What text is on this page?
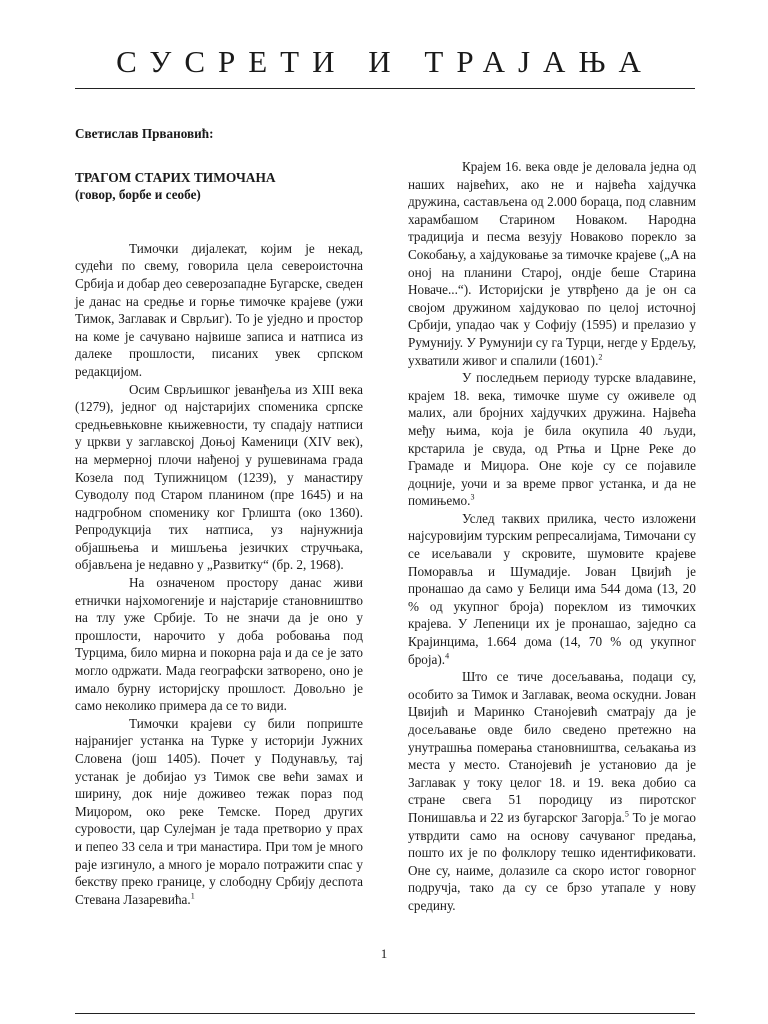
СУСРЕТИ И ТРАЈАЊА

Светислав Првановић:

ТРАГОМ СТАРИХ ТИМОЧАНА

(говор, борбе и сеобе)

Тимочки дијалекат, којим је некад, судећи по свему, говорила цела североисточна Србија и добар део северозападне Бугарске, сведен је данас на средње и горње тимочке крајеве (ужи Тимок, Заглавак и Сврљиг). То је уједно и простор на коме је сачувано највише записа и натписа из далеке прошлости, писаних увек српском редакцијом.

Осим Сврљишког јеванђеља из XIII века (1279), једног од најстаријих споменика српске средњевњковне књижевности, ту спадају натписи у цркви у заглавској Доњој Каменици (XIV век), на мермерној плочи нађеној у рушевинама града Козела под Тупижницом (1239), у манастиру Суводолу под Старом планином (пре 1645) и на надгробном споменику ког Грлишта (око 1360). Репродукција тих натписа, уз најнужнија објашњења и мишљења језичких стручњака, објављена је недавно у „Развитку“ (бр. 2, 1968).

На означеном простору данас живи етнички најхомогеније и најстарије становништво на тлу уже Србије. То не значи да је оно у прошлости, нарочито у доба робовања под Турцима, било мирна и покорна раја и да се је зато могло одржати. Мада географски затворено, оно је имало бурну историјску прошлост. Довољно је само неколико примера да се то види.

Тимочки крајеви су били поприште најранијег устанка на Турке у историји Јужних Словена (још 1405). Почет у Подунављу, тај устанак је добијао уз Тимок све већи замах и ширину, док није доживео тежак пораз под Миџором, око реке Темске. Поред других суровости, цар Сулејман је тада претворио у прах и пепео 33 села и три манастира. При том је много раје изгинуло, а много је морало потражити спас у бекству преко границе, у слободну Србију деспота Стевана Лазаревића.$^1$

Крајем 16. века овде је деловала једна од наших највећих, ако не и највећа хајдучка дружина, састављена од 2.000 бораца, под славним харамбашом Старином Новаком. Народна традиција и песма везују Новаково порекло за Сокобању, а хајдуковање за тимочке крајеве („А на оној на планини Старој, ондје беше Старина Новаче...“). Историјски је утврђено да је он са својом дружином хајдуковао по целој источној Србији, упадао чак у Софију (1595) и прелазио у Румунију. У Румунији су га Турци, негде у Ердељу, ухватили живог и спалили (1601).$^2$

У последњем периоду турске владавине, крајем 18. века, тимочке шуме су оживеле од малих, али бројних хајдучких дружина. Највећа међу њима, која је била окупила 40 људи, крстарила је свуда, од Ртња и Црне Реке до Грамаде и Миџора. Оне које су се појавиле доцније, уочи и за време првог устанка, и да не помињемо.$^3$

Услед таквих прилика, често изложени најсуровијим турским репресалијама, Тимочани су се исељавали у скровите, шумовите крајеве Поморавља и Шумадије. Јован Цвијић је пронашао да само у Белици има 544 дома (13, 20 % од укупног броја) пореклом из тимочких крајева. У Лепеници их је пронашао, заједно са Крајинцима, 1.664 дома (14, 70 % од укупног броја).$^4$

Што се тиче досељавања, подаци су, особито за Тимок и Заглавак, веома оскудни. Јован Цвијић и Маринко Станојевић сматрају да је досељавање овде било сведено претежно на унутрашња померања становништва, сељакања из места у место. Станојевић је установио да је Заглавак у току целог 18. и 19. века добио са стране свега 51 породицу из пиротског Понишавља и 22 из бугарског Загорја.$^5$ То је могао утврдити само на основу сачуваног предања, пошто их је по фолклору тешко идентификовати. Оне су, наиме, долазиле са скоро истог говорног подручја, тако да су се брзо утапале у нову средину.

1
